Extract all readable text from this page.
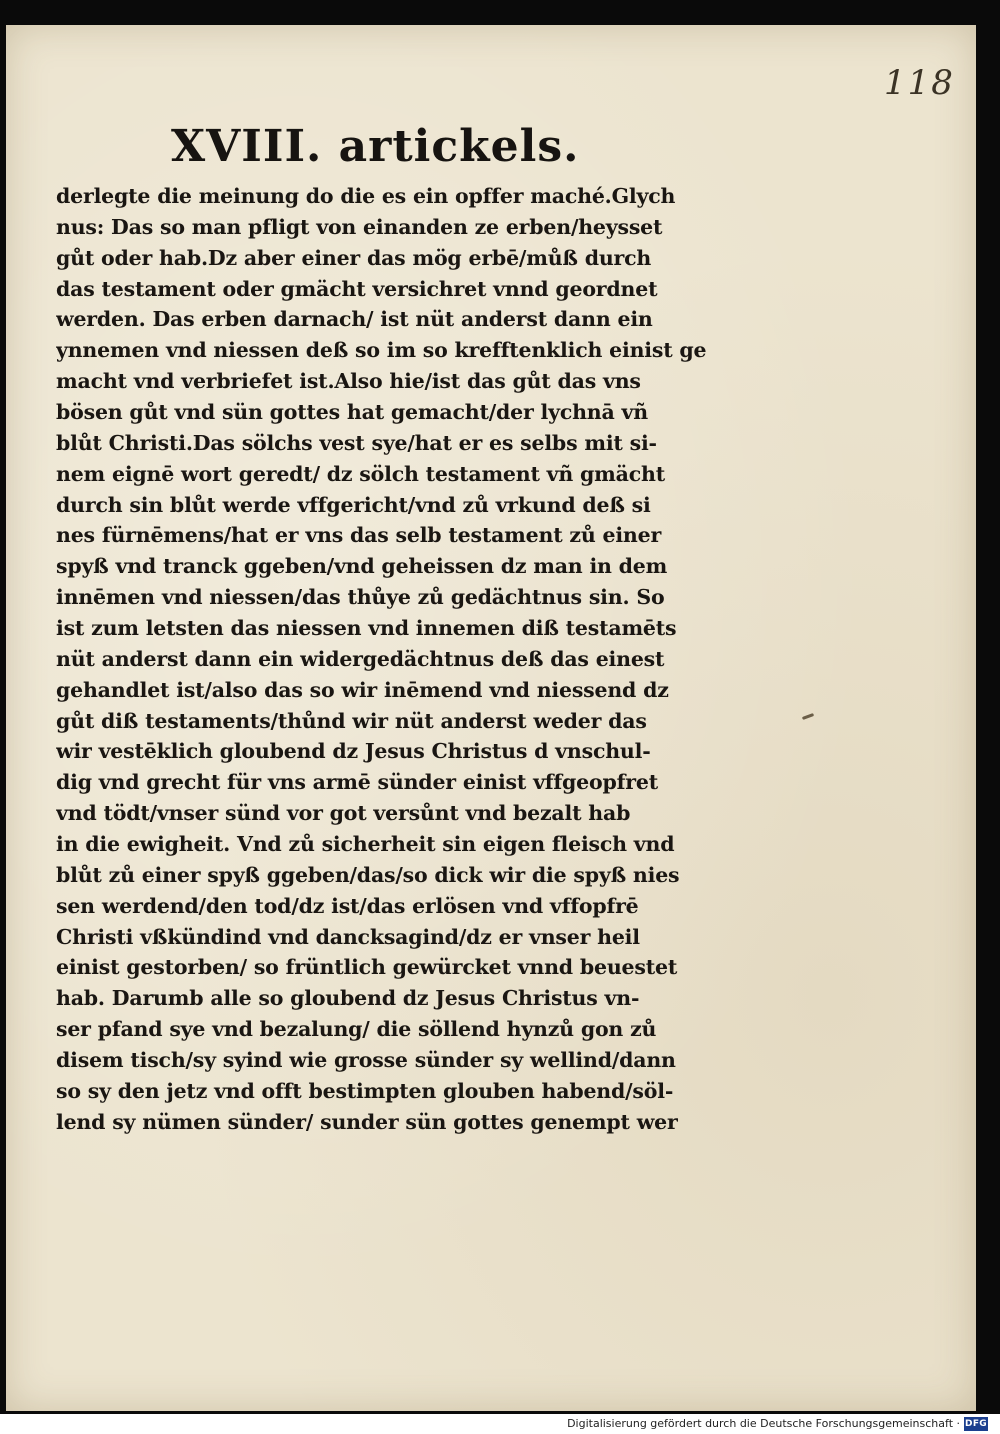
118
XVIII. artickels.
derlegte die meinung do die es ein opffer maché.Glych
nus: Das so man pfligt von einanden ze erben/heysset
gůt oder hab.Dz aber einer das mög erbē/můß durch
das testament oder gmächt versichret vnnd geordnet
werden. Das erben darnach/ ist nüt anderst dann ein
ynnemen vnd niessen deß so im so krefftenklich einist ge
macht vnd verbriefet ist.Also hie/ist das gůt das vns
bösen gůt vnd sün gottes hat gemacht/der lychnā vñ
blůt Christi.Das sölchs vest sye/hat er es selbs mit si-
nem eignē wort geredt/ dz sölch testament vñ gmächt
durch sin blůt werde vffgericht/vnd zů vrkund deß si
nes fürnēmens/hat er vns das selb testament zů einer
spyß vnd tranck ggeben/vnd geheissen dz man in dem
innēmen vnd niessen/das thůye zů gedächtnus sin. So
ist zum letsten das niessen vnd innemen diß testamēts
nüt anderst dann ein widergedächtnus deß das einest
gehandlet ist/also das so wir inēmend vnd niessend dz
gůt diß testaments/thůnd wir nüt anderst weder das
wir vestēklich gloubend dz Jesus Christus d vnschul-
dig vnd grecht für vns armē sünder einist vffgeopfret
vnd tödt/vnser sünd vor got versůnt vnd bezalt hab
in die ewigheit. Vnd zů sicherheit sin eigen fleisch vnd
blůt zů einer spyß ggeben/das/so dick wir die spyß nies
sen werdend/den tod/dz ist/das erlösen vnd vffopfrē
Christi vßkündind vnd dancksagind/dz er vnser heil
einist gestorben/ so früntlich gewürcket vnnd beuestet
hab. Darumb alle so gloubend dz Jesus Christus vn-
ser pfand sye vnd bezalung/ die söllend hynzů gon zů
disem tisch/sy syind wie grosse sünder sy wellind/dann
so sy den jetz vnd offt bestimpten glouben habend/söl-
lend sy nümen sünder/ sunder sün gottes genempt wer
Digitalisierung gefördert durch die Deutsche Forschungsgemeinschaft · DFG
